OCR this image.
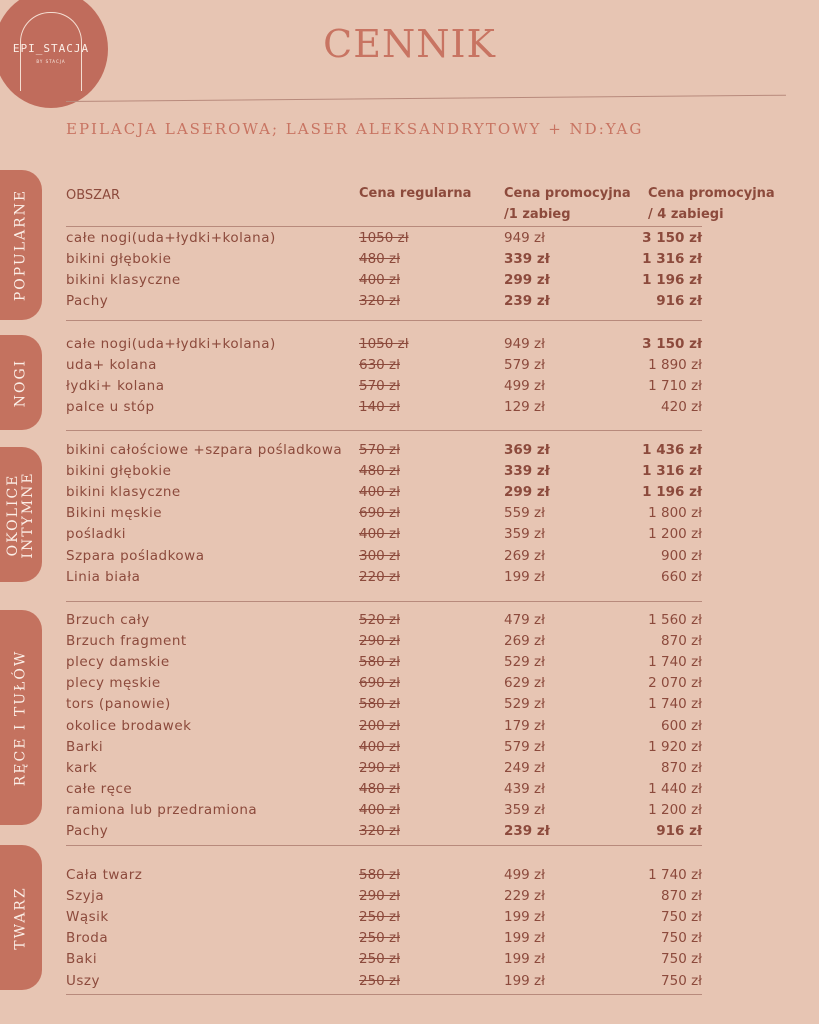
EPI_STACJA
BY STACJA	CENNIK
EPILACJA LASEROWA; LASER ALEKSANDRYTOWY + ND:YAG
OBSZAR	Cena regularna	Cena promocyjna
/1 zabieg
Cena promocyjna
/ 4 zabiegi
POPULARNE	całe nogi(uda+łydki+kolana)	1050 zł	949 zł	3 150 zł
bikini głębokie	480 zł	339 zł	1 316 zł
bikini klasyczne	400 zł	299 zł	1 196 zł
Pachy	320 zł	239 zł	916 zł
NOGI
całe nogi(uda+łydki+kolana)	1050 zł	949 zł	3 150 zł
uda+ kolana	630 zł	579 zł	1 890 zł
łydki+ kolana	570 zł	499 zł	1 710 zł
palce u stóp	140 zł	129 zł	420 zł
OKOLICE
INTYMNE
bikini całościowe +szpara pośladkowa 570 zł	369 zł	1 436 zł
bikini głębokie	480 zł	339 zł	1 316 zł
bikini klasyczne	400 zł	299 zł	1 196 zł
Bikini męskie	690 zł	559 zł	1 800 zł
pośladki	400 zł	359 zł	1 200 zł
Szpara pośladkowa	300 zł	269 zł	900 zł
Linia biała	220 zł	199 zł	660 zł
RĘCE I TUŁÓW
Brzuch cały	520 zł	479 zł	1 560 zł
Brzuch fragment	290 zł	269 zł	870 zł
plecy damskie	580 zł	529 zł	1 740 zł
plecy męskie	690 zł	629 zł	2 070 zł
tors (panowie)	580 zł	529 zł	1 740 zł
okolice brodawek	200 zł	179 zł	600 zł
Barki	400 zł	579 zł	1 920 zł
kark	290 zł	249 zł	870 zł
całe ręce	480 zł	439 zł	1 440 zł
ramiona lub przedramiona	400 zł	359 zł	1 200 zł
Pachy	320 zł	239 zł	916 zł
TWARZ
Cała twarz	580 zł	499 zł	1 740 zł
Szyja	290 zł	229 zł	870 zł
Wąsik	250 zł	199 zł	750 zł
Broda	250 zł	199 zł	750 zł
Baki	250 zł	199 zł	750 zł
Uszy	250 zł	199 zł	750 zł
